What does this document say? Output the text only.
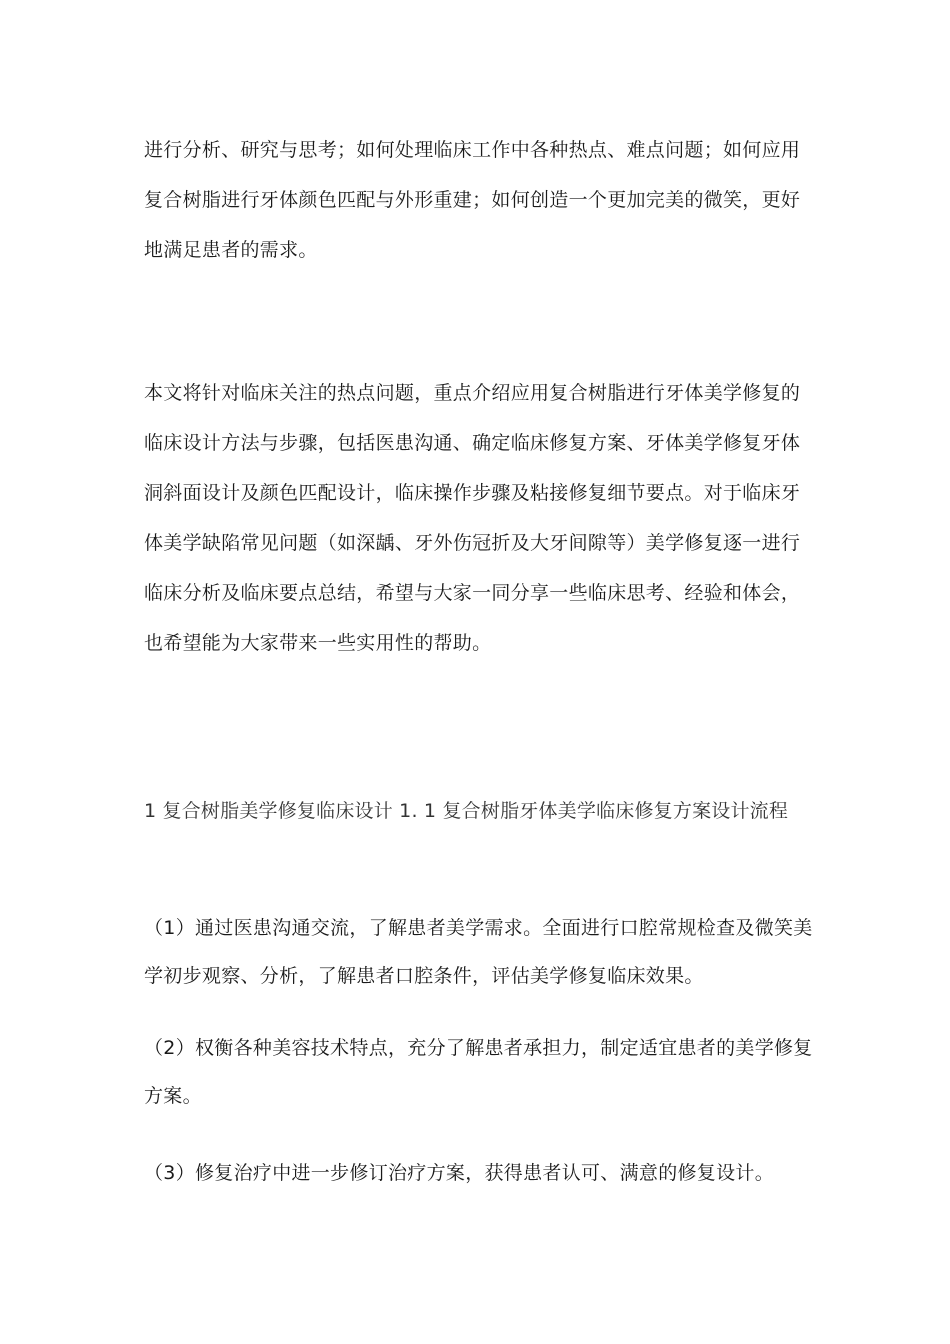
进行分析、研究与思考；如何处理临床工作中各种热点、难点问题；如何应用
复合树脂进行牙体颜色匹配与外形重建；如何创造一个更加完美的微笑，更好
地满足患者的需求。
本文将针对临床关注的热点问题，重点介绍应用复合树脂进行牙体美学修复的
临床设计方法与步骤，包括医患沟通、确定临床修复方案、牙体美学修复牙体
洞斜面设计及颜色匹配设计，临床操作步骤及粘接修复细节要点。对于临床牙
体美学缺陷常见问题（如深龋、牙外伤冠折及大牙间隙等）美学修复逐一进行
临床分析及临床要点总结，希望与大家一同分享一些临床思考、经验和体会，
也希望能为大家带来一些实用性的帮助。
1 复合树脂美学修复临床设计 1. 1 复合树脂牙体美学临床修复方案设计流程
（1）通过医患沟通交流，了解患者美学需求。全面进行口腔常规检查及微笑美
学初步观察、分析，了解患者口腔条件，评估美学修复临床效果。
（2）权衡各种美容技术特点，充分了解患者承担力，制定适宜患者的美学修复
方案。
（3）修复治疗中进一步修订治疗方案，获得患者认可、满意的修复设计。
